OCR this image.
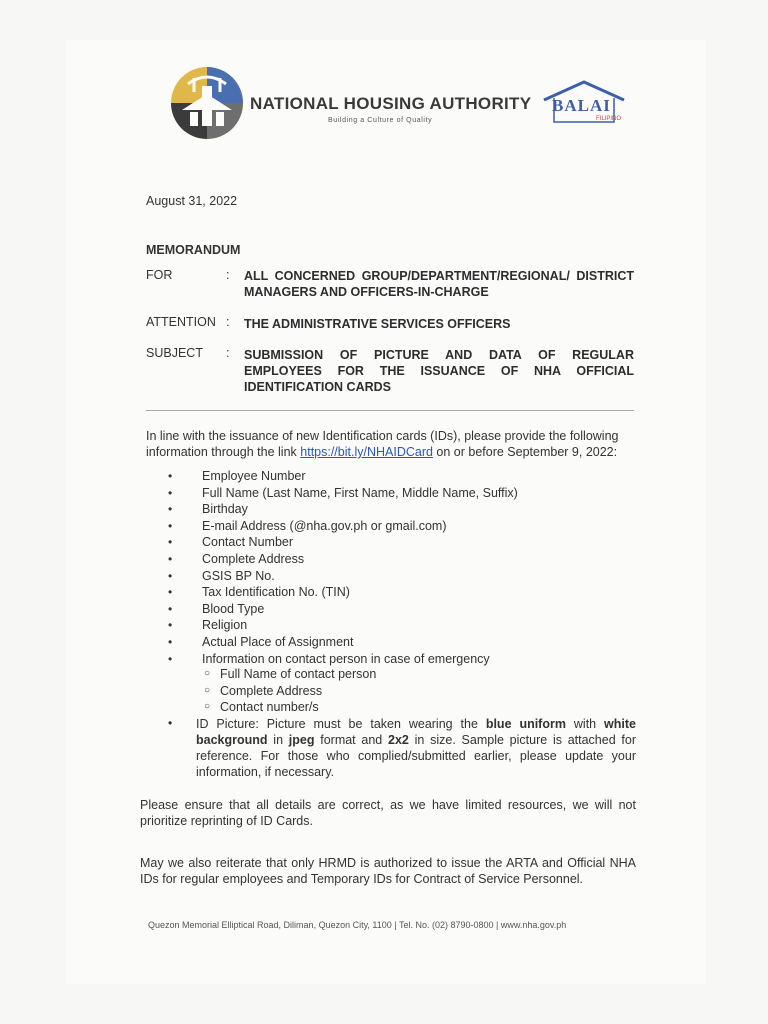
NATIONAL HOUSING AUTHORITY
Building a Culture of Quality
BALAI
FILIPINO
August 31, 2022
MEMORANDUM
FOR	: ALL CONCERNED GROUP/DEPARTMENT/REGIONAL/ DISTRICT MANAGERS AND OFFICERS-IN-CHARGE
ATTENTION : THE ADMINISTRATIVE SERVICES OFFICERS
SUBJECT : SUBMISSION OF PICTURE AND DATA OF REGULAR EMPLOYEES FOR THE ISSUANCE OF NHA OFFICIAL IDENTIFICATION CARDS
In line with the issuance of new Identification cards (IDs), please provide the following information through the link https://bit.ly/NHAIDCard on or before September 9, 2022:
• Employee Number
• Full Name (Last Name, First Name, Middle Name, Suffix)
• Birthday
• E-mail Address (@nha.gov.ph or gmail.com)
• Contact Number
• Complete Address
• GSIS BP No.
• Tax Identification No. (TIN)
• Blood Type
• Religion
• Actual Place of Assignment
• Information on contact person in case of emergency
○ Full Name of contact person
○ Complete Address
○ Contact number/s
• ID Picture: Picture must be taken wearing the blue uniform with white background in jpeg format and 2x2 in size. Sample picture is attached for reference. For those who complied/submitted earlier, please update your information, if necessary.
Please ensure that all details are correct, as we have limited resources, we will not prioritize reprinting of ID Cards.
May we also reiterate that only HRMD is authorized to issue the ARTA and Official NHA IDs for regular employees and Temporary IDs for Contract of Service Personnel.
Quezon Memorial Elliptical Road, Diliman, Quezon City, 1100 | Tel. No. (02) 8790-0800 | www.nha.gov.ph
